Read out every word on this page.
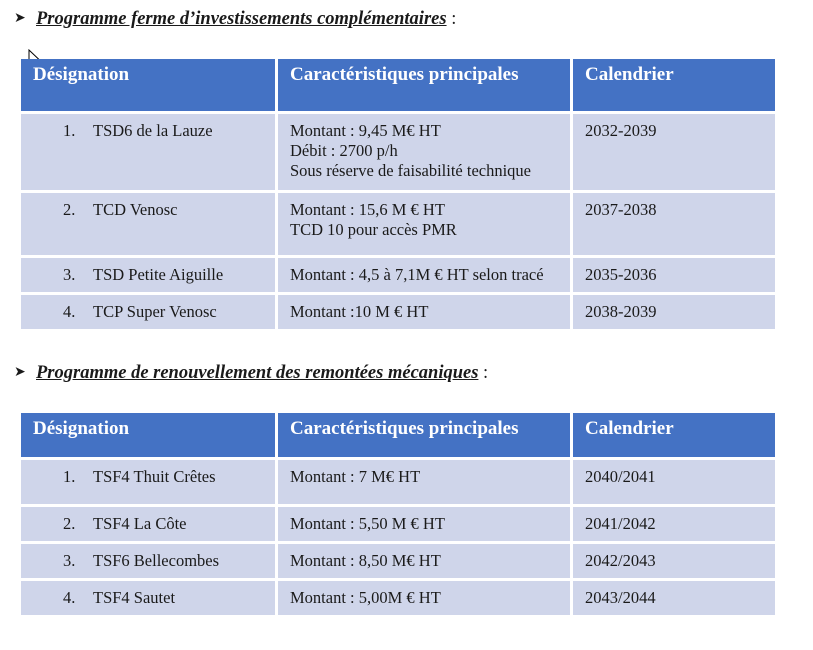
➤ Programme ferme d’investissements complémentaires :
Désignation	Caractéristiques principales	Calendrier
1. TSD6 de la Lauze	Montant : 9,45 M€ HT
Débit : 2700 p/h
Sous réserve de faisabilité technique	2032-2039
2. TCD Venosc	Montant : 15,6 M € HT
TCD 10 pour accès PMR	2037-2038
3. TSD Petite Aiguille	Montant : 4,5 à 7,1M € HT selon tracé	2035-2036
4. TCP Super Venosc	Montant :10 M € HT	2038-2039
➤ Programme de renouvellement des remontées mécaniques :
Désignation	Caractéristiques principales	Calendrier
1. TSF4 Thuit Crêtes	Montant : 7 M€ HT	2040/2041
2. TSF4 La Côte	Montant : 5,50 M € HT	2041/2042
3. TSF6 Bellecombes	Montant : 8,50 M€ HT	2042/2043
4. TSF4 Sautet	Montant : 5,00M € HT	2043/2044
